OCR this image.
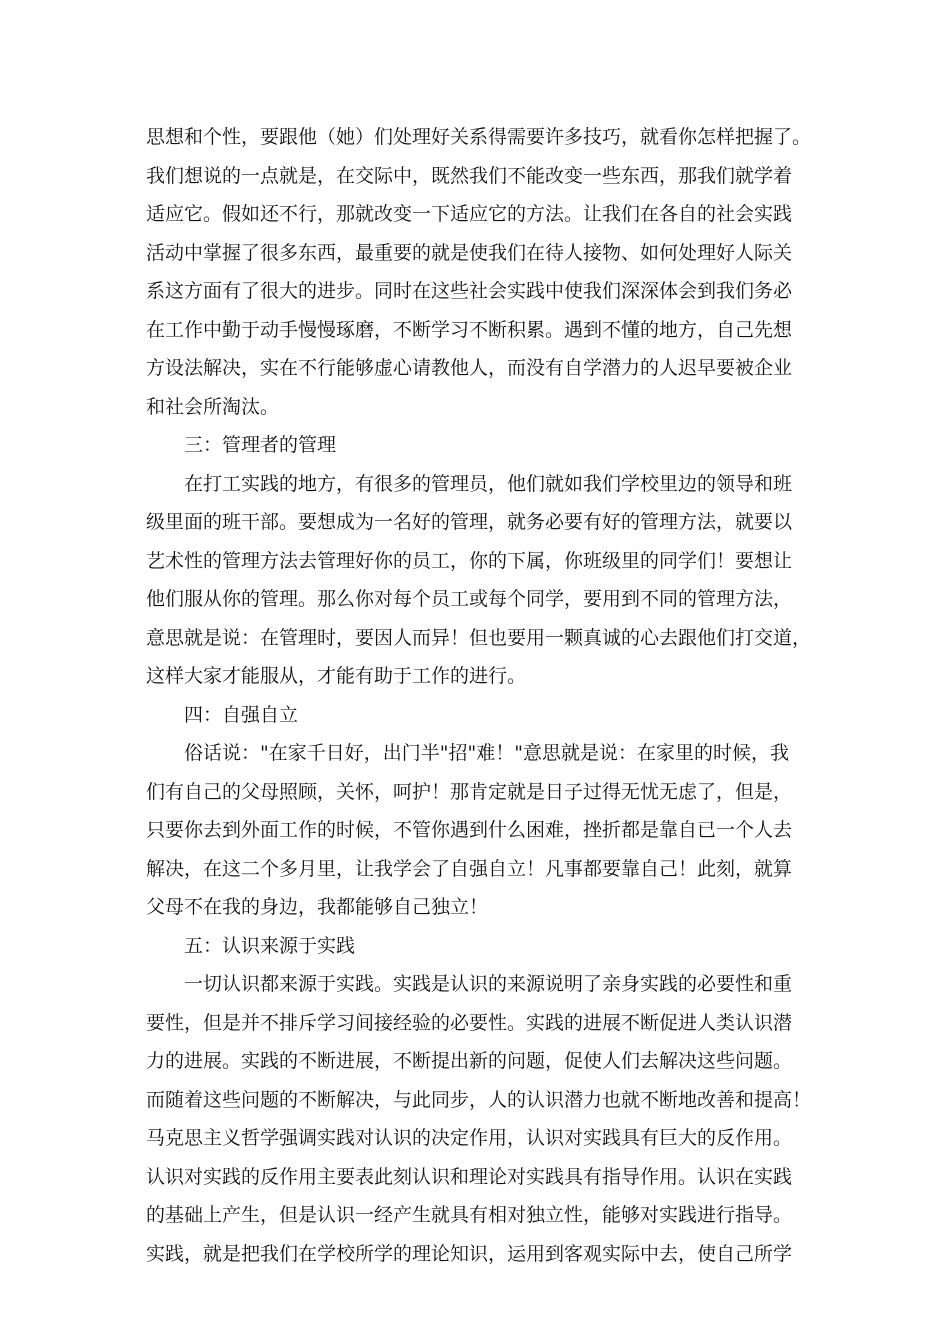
思想和个性，要跟他（她）们处理好关系得需要许多技巧，就看你怎样把握了。
我们想说的一点就是，在交际中，既然我们不能改变一些东西，那我们就学着
适应它。假如还不行，那就改变一下适应它的方法。让我们在各自的社会实践
活动中掌握了很多东西，最重要的就是使我们在待人接物、如何处理好人际关
系这方面有了很大的进步。同时在这些社会实践中使我们深深体会到我们务必
在工作中勤于动手慢慢琢磨，不断学习不断积累。遇到不懂的地方，自己先想
方设法解决，实在不行能够虚心请教他人，而没有自学潜力的人迟早要被企业
和社会所淘汰。
三：管理者的管理
在打工实践的地方，有很多的管理员，他们就如我们学校里边的领导和班
级里面的班干部。要想成为一名好的管理，就务必要有好的管理方法，就要以
艺术性的管理方法去管理好你的员工，你的下属，你班级里的同学们！要想让
他们服从你的管理。那么你对每个员工或每个同学，要用到不同的管理方法，
意思就是说：在管理时，要因人而异！但也要用一颗真诚的心去跟他们打交道，
这样大家才能服从，才能有助于工作的进行。
四：自强自立
俗话说："在家千日好，出门半"招"难！"意思就是说：在家里的时候，我
们有自己的父母照顾，关怀，呵护！那肯定就是日子过得无忧无虑了，但是，
只要你去到外面工作的时候，不管你遇到什么困难，挫折都是靠自已一个人去
解决，在这二个多月里，让我学会了自强自立！凡事都要靠自己！此刻，就算
父母不在我的身边，我都能够自己独立！
五：认识来源于实践
一切认识都来源于实践。实践是认识的来源说明了亲身实践的必要性和重
要性，但是并不排斥学习间接经验的必要性。实践的进展不断促进人类认识潜
力的进展。实践的不断进展，不断提出新的问题，促使人们去解决这些问题。
而随着这些问题的不断解决，与此同步，人的认识潜力也就不断地改善和提高！
马克思主义哲学强调实践对认识的决定作用，认识对实践具有巨大的反作用。
认识对实践的反作用主要表此刻认识和理论对实践具有指导作用。认识在实践
的基础上产生，但是认识一经产生就具有相对独立性，能够对实践进行指导。
实践，就是把我们在学校所学的理论知识，运用到客观实际中去，使自己所学
